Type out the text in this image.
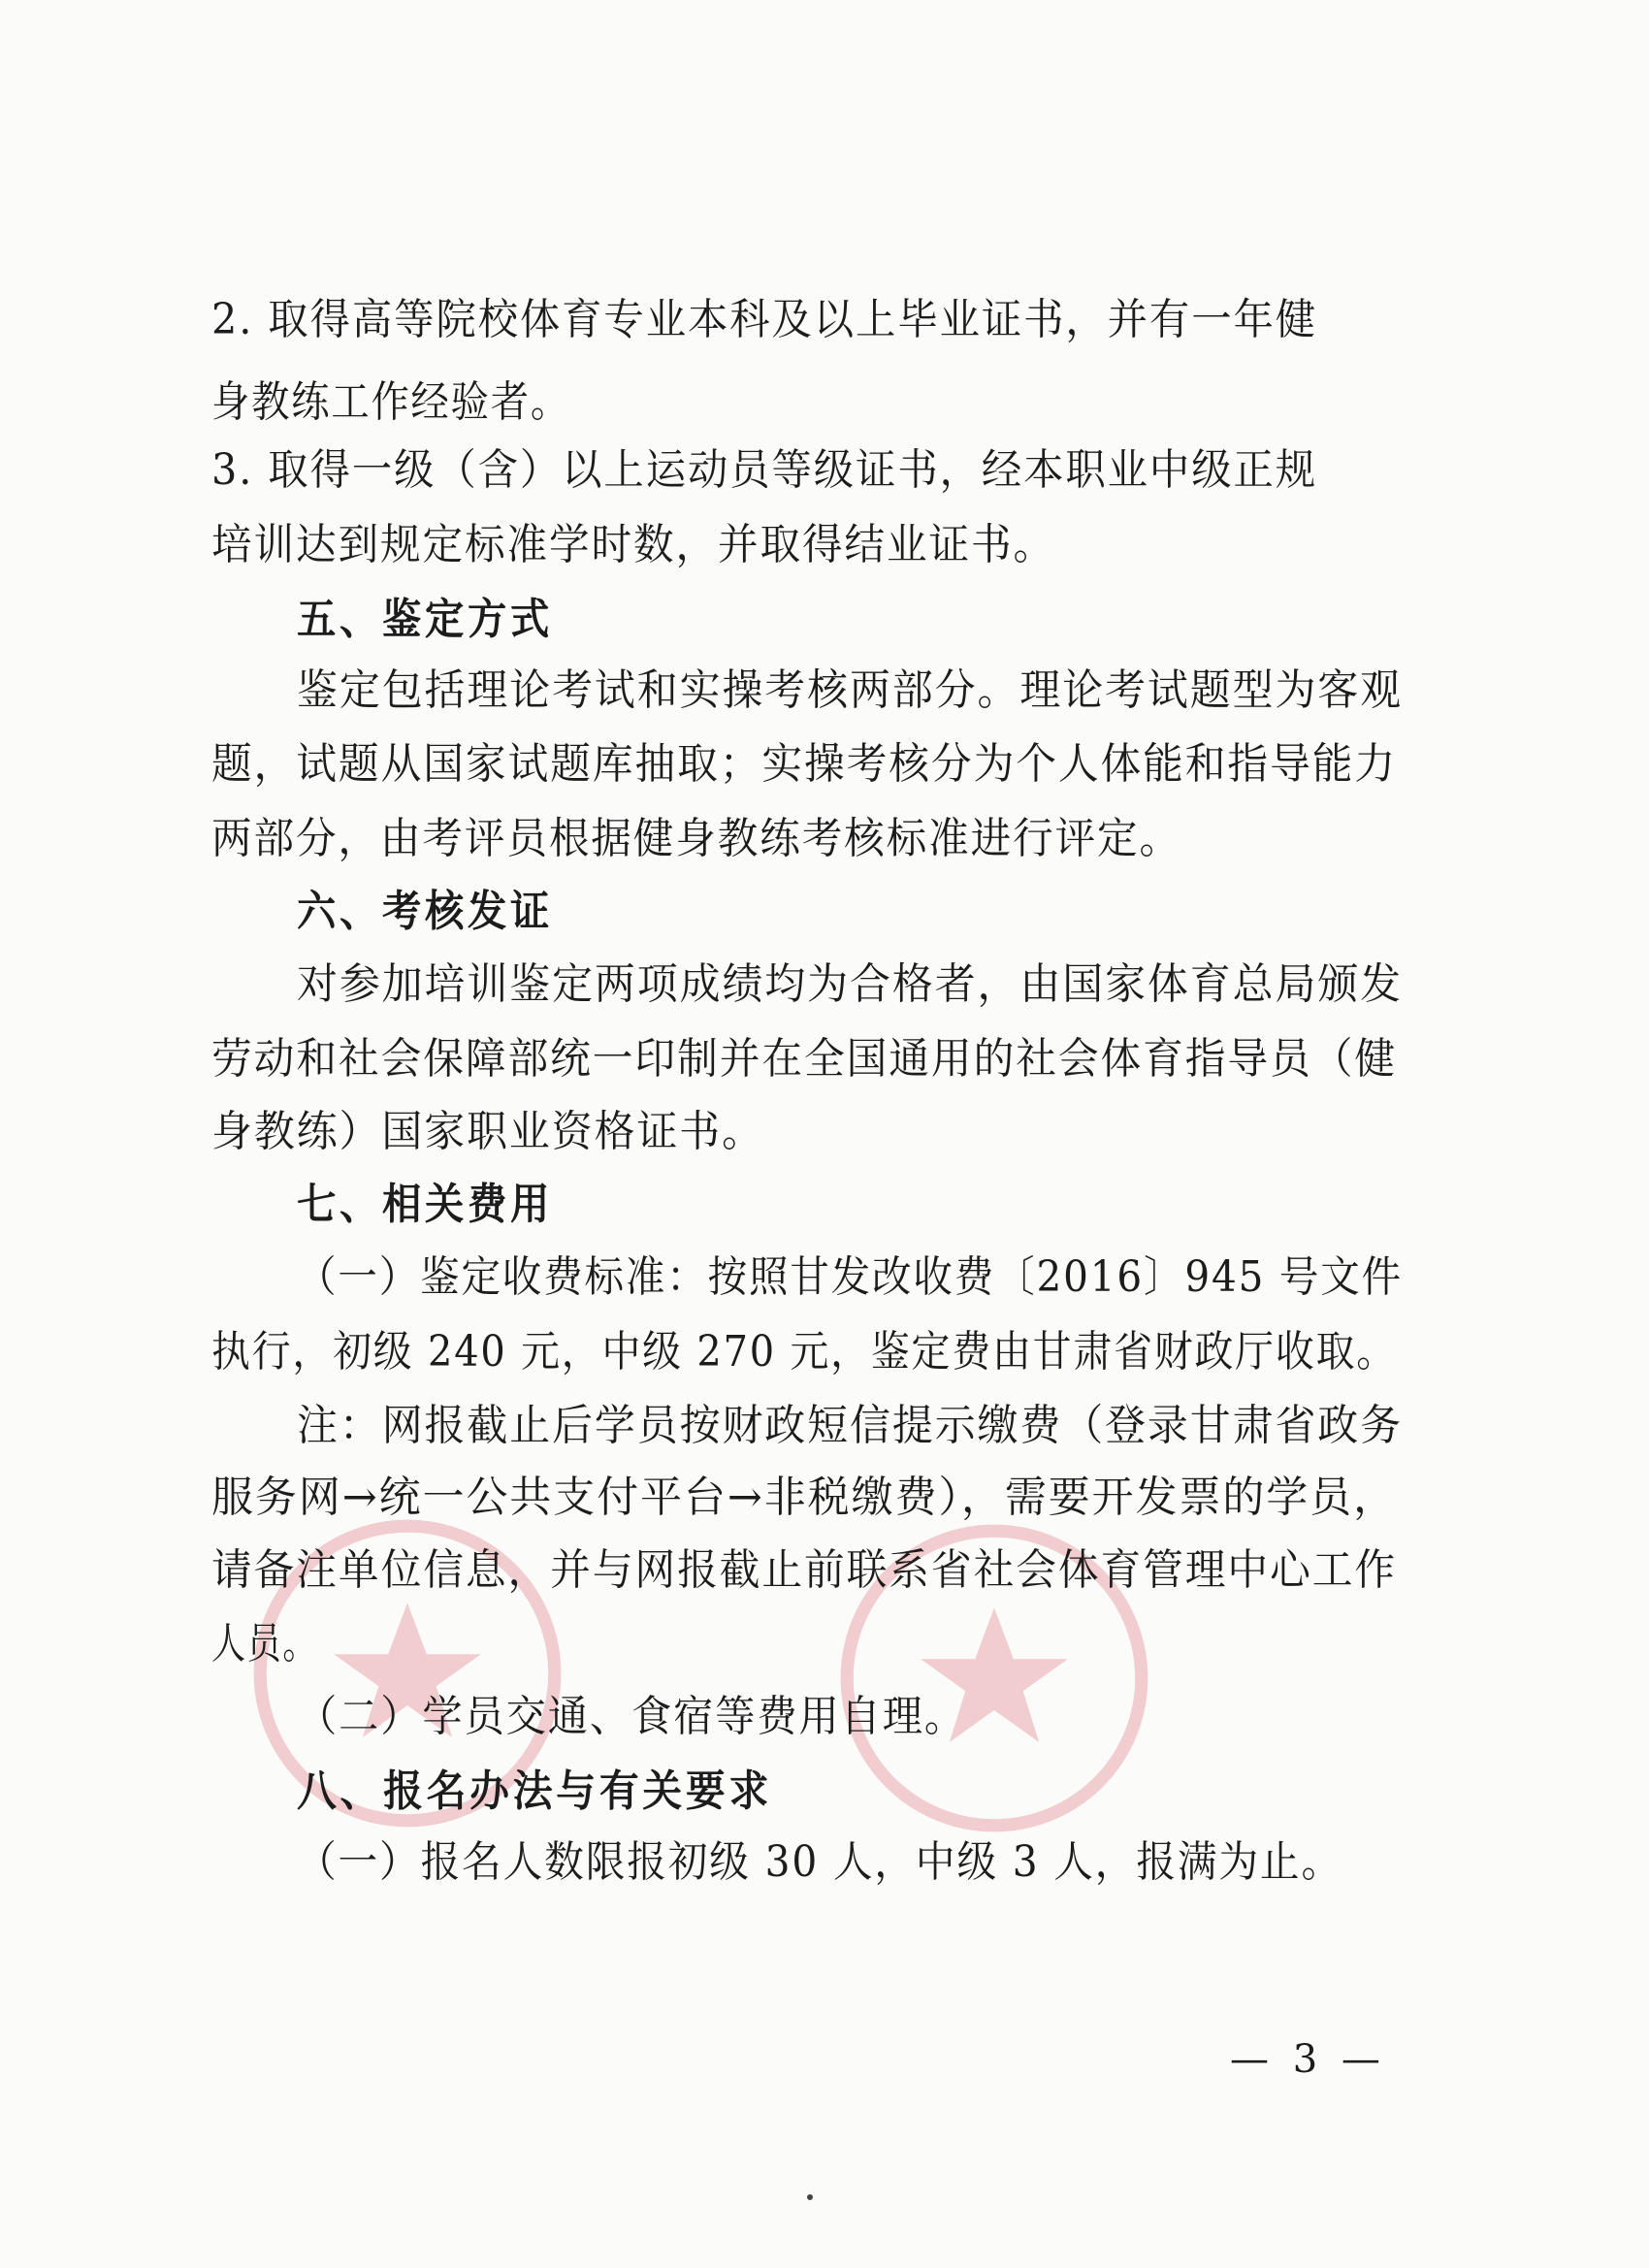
2. 取得高等院校体育专业本科及以上毕业证书，并有一年健

身教练工作经验者。

3. 取得一级（含）以上运动员等级证书，经本职业中级正规

培训达到规定标准学时数，并取得结业证书。

五、鉴定方式

鉴定包括理论考试和实操考核两部分。理论考试题型为客观

题，试题从国家试题库抽取；实操考核分为个人体能和指导能力

两部分，由考评员根据健身教练考核标准进行评定。

六、考核发证

对参加培训鉴定两项成绩均为合格者，由国家体育总局颁发

劳动和社会保障部统一印制并在全国通用的社会体育指导员（健

身教练）国家职业资格证书。

七、相关费用

（一）鉴定收费标准：按照甘发改收费〔2016〕945 号文件

执行，初级 240 元，中级 270 元，鉴定费由甘肃省财政厅收取。

注：网报截止后学员按财政短信提示缴费（登录甘肃省政务

服务网→统一公共支付平台→非税缴费），需要开发票的学员，

请备注单位信息，并与网报截止前联系省社会体育管理中心工作

人员。

（二）学员交通、食宿等费用自理。

八、报名办法与有关要求

（一）报名人数限报初级 30 人，中级 3 人，报满为止。

— 3 —
